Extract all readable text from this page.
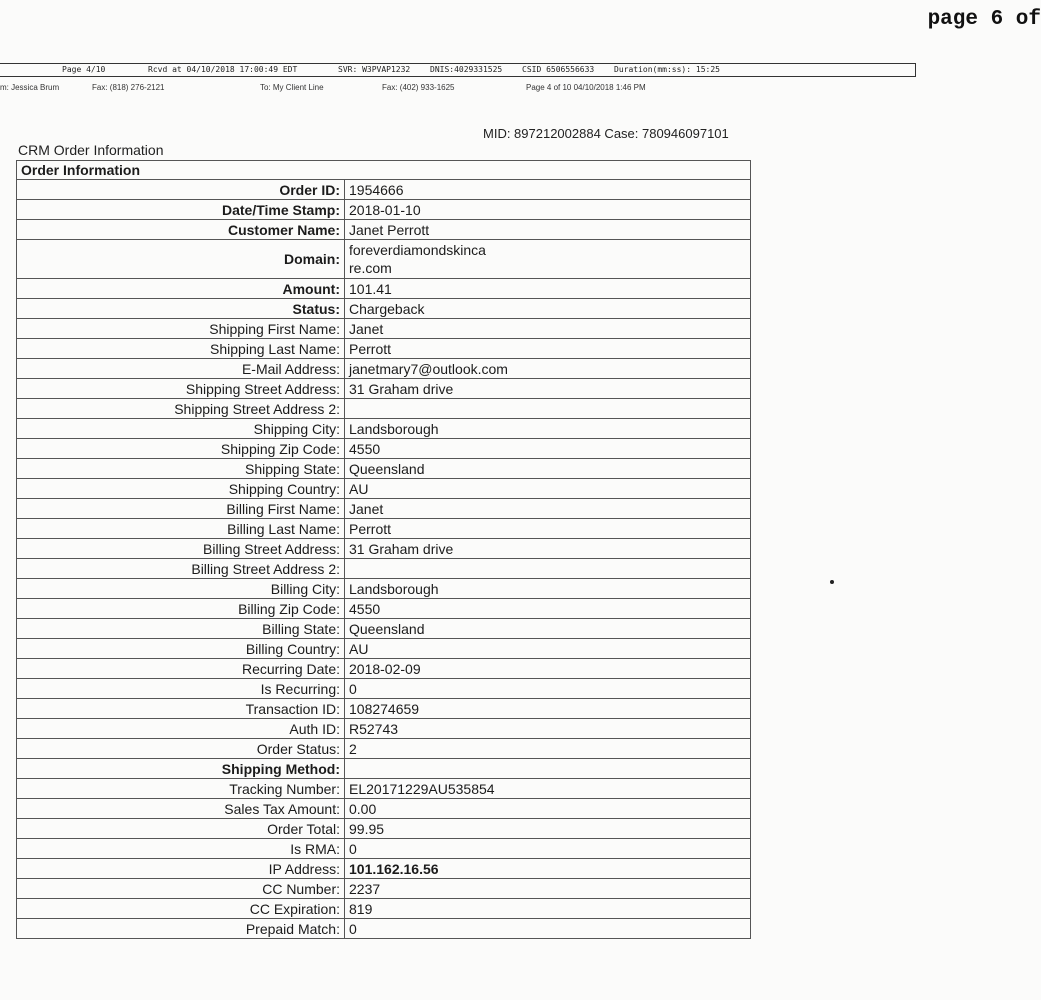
page 6 of
Page 4/10	Rcvd at 04/10/2018 17:00:49 EDT	SVR: W3PVAP1232 DNIS:4029331525 CSID 6506556633 Duration(mm:ss): 15:25
m: Jessica Brum	Fax: (818) 276-2121	To: My Client Line	Fax: (402) 933-1625	Page 4 of 10 04/10/2018 1:46 PM
MID: 897212002884 Case: 780946097101
CRM Order Information
Order Information	
Order ID:	1954666
Date/Time Stamp:	2018-01-10
Customer Name:	Janet Perrott
Domain:	foreverdiamondskinca
re.com
Amount:	101.41
Status:	Chargeback
Shipping First Name:	Janet
Shipping Last Name:	Perrott
E-Mail Address:	janetmary7@outlook.com
Shipping Street Address:	31 Graham drive
Shipping Street Address 2:	
Shipping City:	Landsborough
Shipping Zip Code:	4550
Shipping State:	Queensland
Shipping Country:	AU
Billing First Name:	Janet
Billing Last Name:	Perrott
Billing Street Address:	31 Graham drive
Billing Street Address 2:	
Billing City:	Landsborough
Billing Zip Code:	4550
Billing State:	Queensland
Billing Country:	AU
Recurring Date:	2018-02-09
Is Recurring:	0
Transaction ID:	108274659
Auth ID:	R52743
Order Status:	2
Shipping Method:	
Tracking Number:	EL20171229AU535854
Sales Tax Amount:	0.00
Order Total:	99.95
Is RMA:	0
IP Address:	101.162.16.56
CC Number:	2237
CC Expiration:	819
Prepaid Match:	0
